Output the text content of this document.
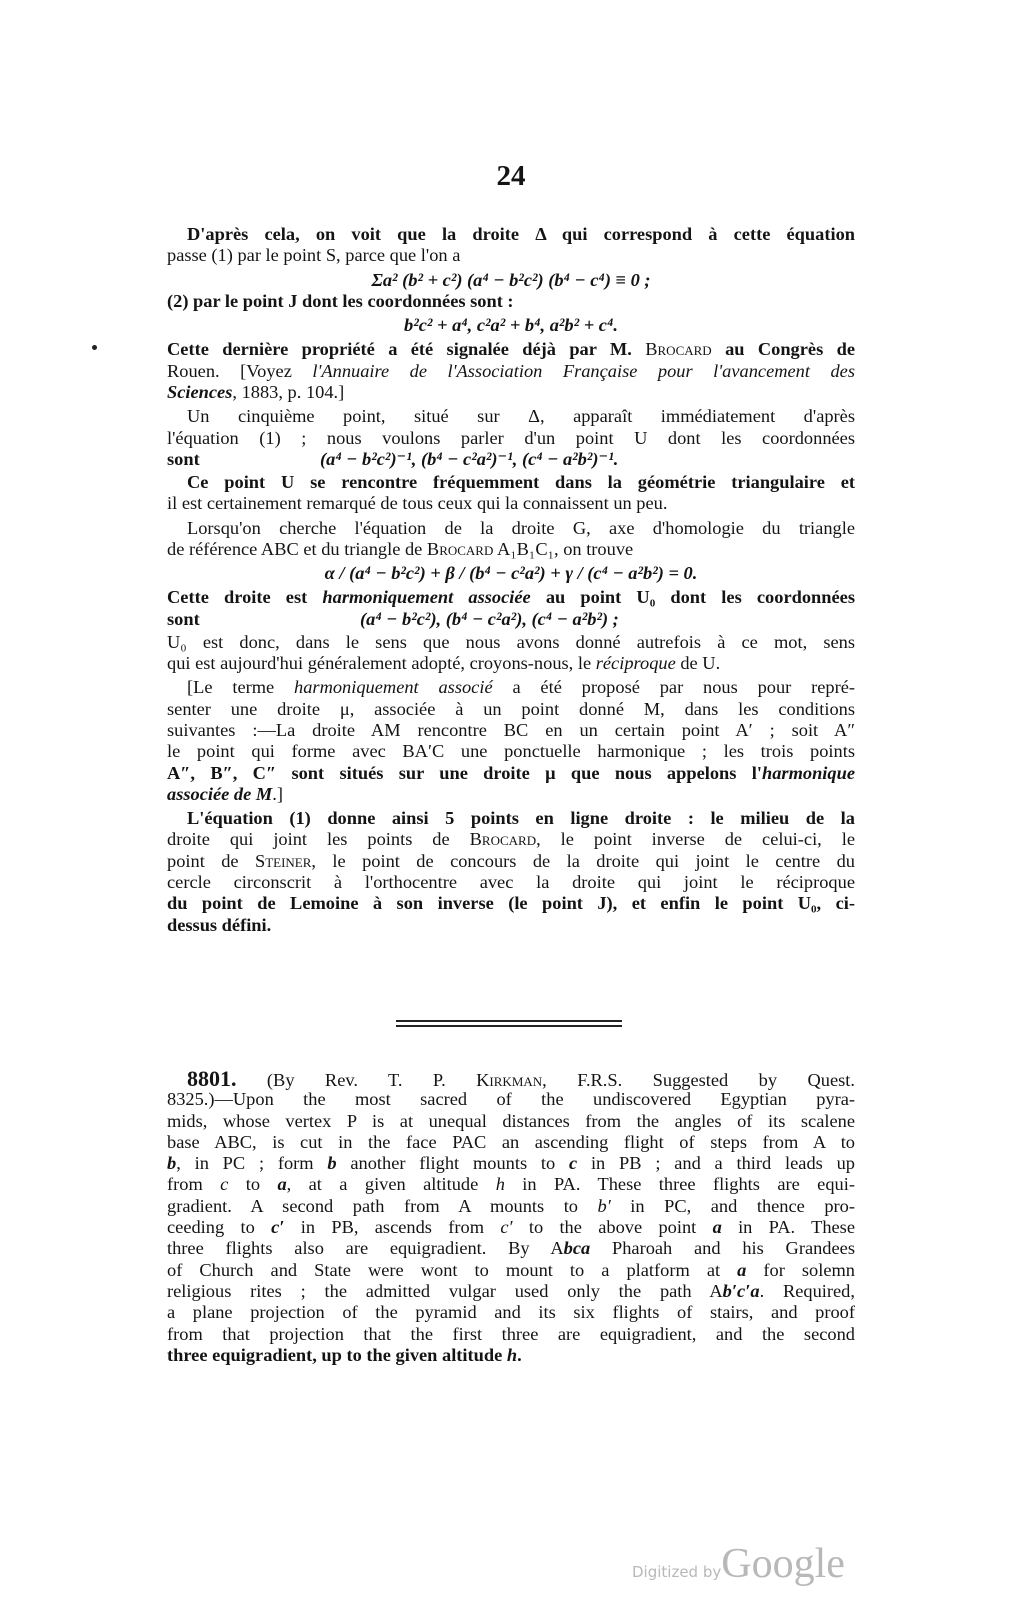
24
D'après cela, on voit que la droite Δ qui correspond à cette équation
passe (1) par le point S, parce que l'on a
Σa² (b² + c²) (a⁴ − b²c²) (b⁴ − c⁴) ≡ 0 ;
(2) par le point J dont les coordonnées sont :
b²c² + a⁴, c²a² + b⁴, a²b² + c⁴.
Cette dernière propriété a été signalée déjà par M. Brocard au Congrès de
Rouen. [Voyez l'Annuaire de l'Association Française pour l'avancement des
Sciences, 1883, p. 104.]
Un cinquième point, situé sur Δ, apparaît immédiatement d'après
l'équation (1) ; nous voulons parler d'un point U dont les coordonnées
sont	(a⁴ − b²c²)⁻¹, (b⁴ − c²a²)⁻¹, (c⁴ − a²b²)⁻¹.
Ce point U se rencontre fréquemment dans la géométrie triangulaire et
il est certainement remarqué de tous ceux qui la connaissent un peu.
Lorsqu'on cherche l'équation de la droite G, axe d'homologie du triangle
de référence ABC et du triangle de Brocard A₁B₁C₁, on trouve
α / (a⁴ − b²c²) + β / (b⁴ − c²a²) + γ / (c⁴ − a²b²) = 0.
Cette droite est harmoniquement associée au point U₀ dont les coordonnées
sont	(a⁴ − b²c²), (b⁴ − c²a²), (c⁴ − a²b²) ;
U₀ est donc, dans le sens que nous avons donné autrefois à ce mot, sens
qui est aujourd'hui généralement adopté, croyons-nous, le réciproque de U.
[Le terme harmoniquement associé a été proposé par nous pour repré-
senter une droite μ, associée à un point donné M, dans les conditions
suivantes :—La droite AM rencontre BC en un certain point A′ ; soit A″
le point qui forme avec BA′C une ponctuelle harmonique ; les trois points
A″, B″, C″ sont situés sur une droite μ que nous appelons l'harmonique
associée de M.]
L'équation (1) donne ainsi 5 points en ligne droite : le milieu de la
droite qui joint les points de Brocard, le point inverse de celui-ci, le
point de Steiner, le point de concours de la droite qui joint le centre du
cercle circonscrit à l'orthocentre avec la droite qui joint le réciproque
du point de Lemoine à son inverse (le point J), et enfin le point U₀, ci-
dessus défini.
8801. (By Rev. T. P. Kirkman, F.R.S. Suggested by Quest.
8325.)—Upon the most sacred of the undiscovered Egyptian pyra-
mids, whose vertex P is at unequal distances from the angles of its scalene
base ABC, is cut in the face PAC an ascending flight of steps from A to
b, in PC ; form b another flight mounts to c in PB ; and a third leads up
from c to a, at a given altitude h in PA. These three flights are equi-
gradient. A second path from A mounts to b′ in PC, and thence pro-
ceeding to c′ in PB, ascends from c′ to the above point a in PA. These
three flights also are equigradient. By Abca Pharoah and his Grandees
of Church and State were wont to mount to a platform at a for solemn
religious rites ; the admitted vulgar used only the path Ab′c′a. Required,
a plane projection of the pyramid and its six flights of stairs, and proof
from that projection that the first three are equigradient, and the second
three equigradient, up to the given altitude h.
Digitized byGoogle
